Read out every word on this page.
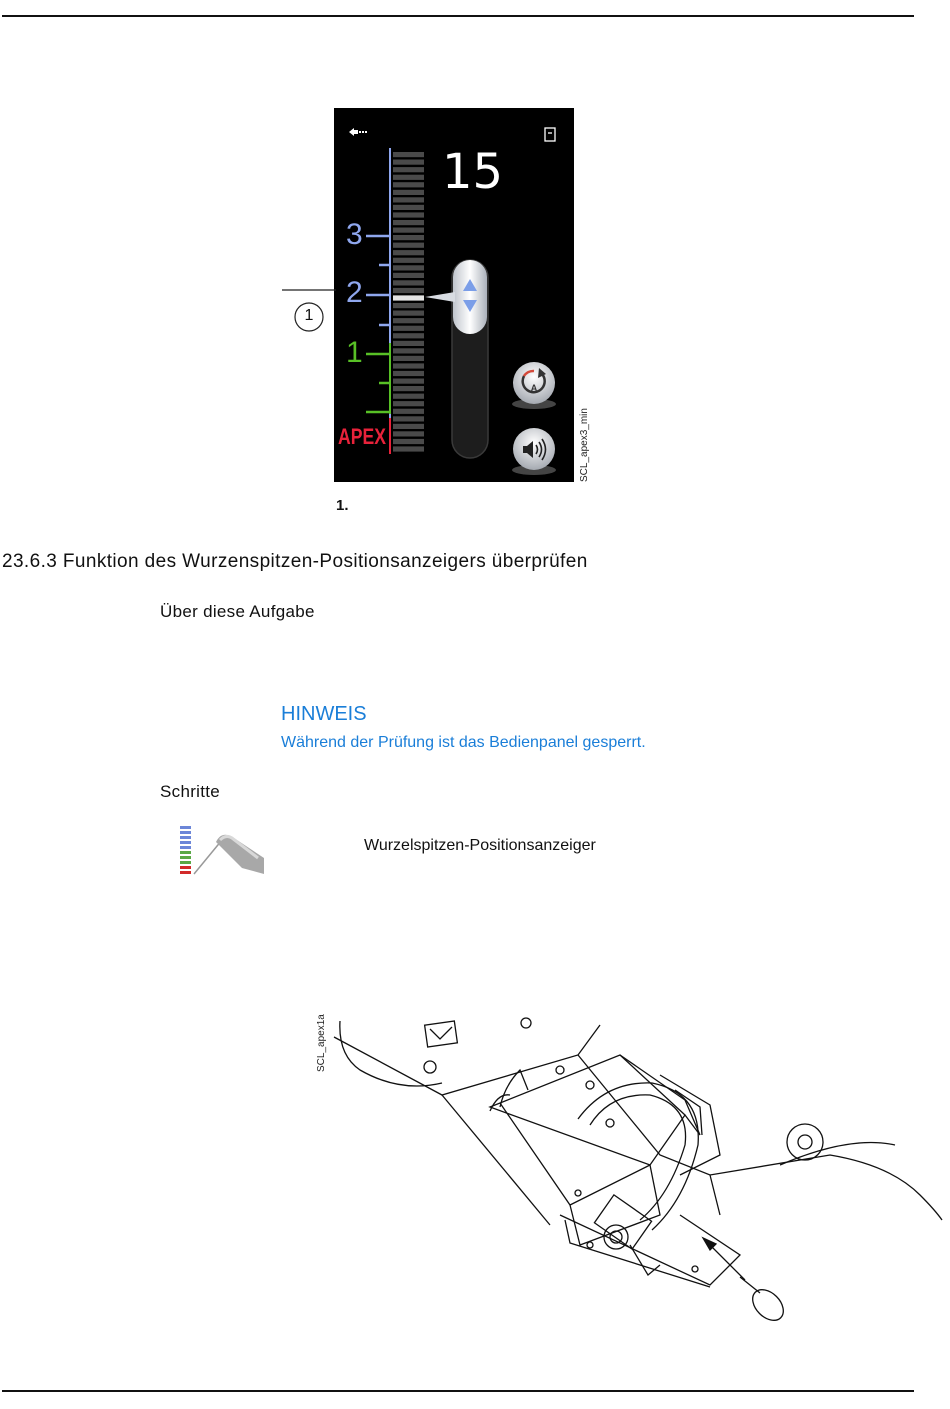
A
15
3
2
1
APEX
1
SCL_apex3_min
1.
23.6.3 Funktion des Wurzenspitzen-Positionsanzeigers überprüfen
Über diese Aufgabe
HINWEIS
Während der Prüfung ist das Bedienpanel gesperrt.
Schritte
Wurzelspitzen-Positionsanzeiger
SCL_apex1a
